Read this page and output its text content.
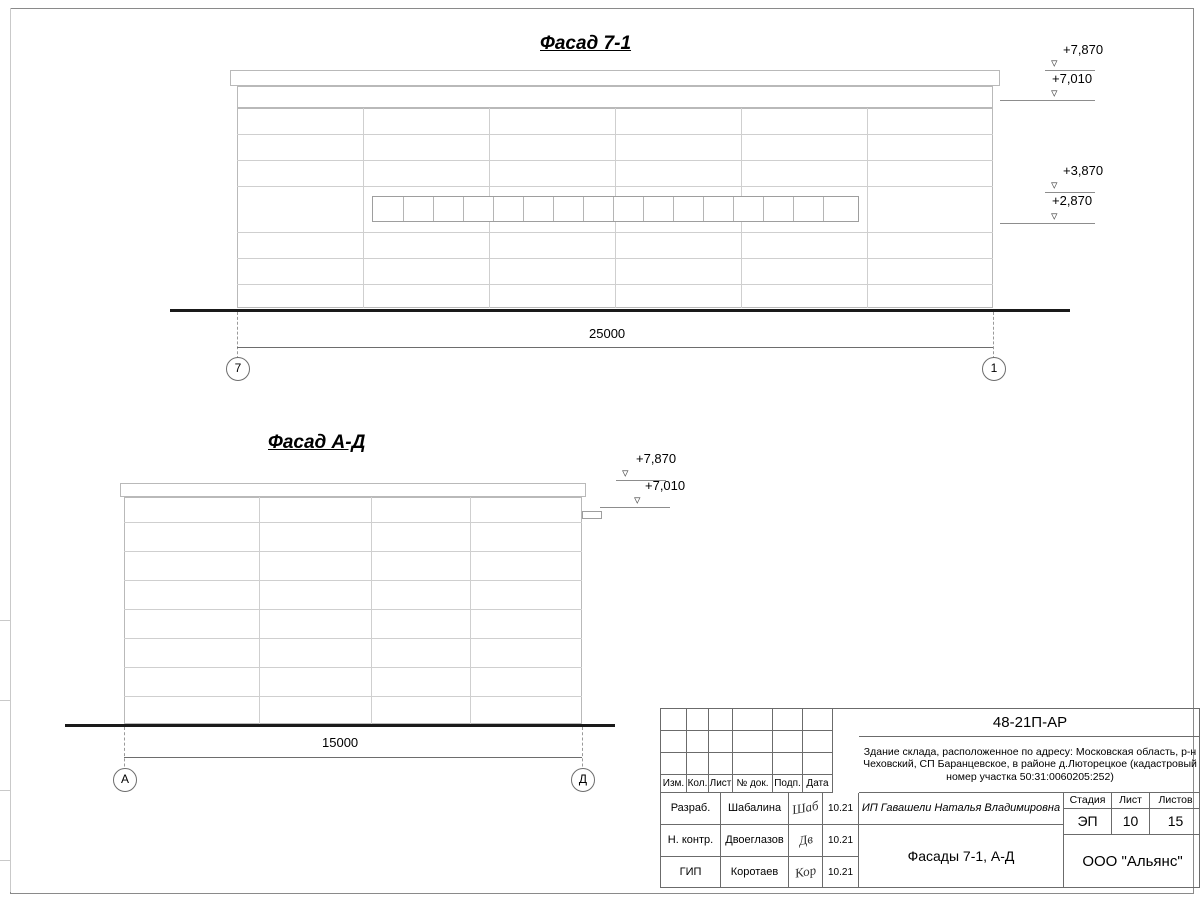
Фасад 7-1
25000
7	1
+7,870
▿
+7,010
▿
+3,870
▿
+2,870
▿
Фасад А-Д
15000
А	Д
+7,870
▿
+7,010
▿
Изм. Кол. Лист № док. Подп. Дата
Разраб.	Шабалина Шаб 10.21
Н. контр.	Двоеглазов	Дв	10.21
ГИП	Коротаев	Кор	10.21
48-21П-АР
Здание склада, расположенное по адресу: Московская область, р-н Чеховский, СП Баранцевское, в районе д.Люторецкое (кадастровый номер участка 50:31:0060205:252)
ИП Гавашели Наталья Владимировна
Фасады 7-1, А-Д
Стадия	Лист	Листов
ЭП 10 15
ООО "Альянс"
